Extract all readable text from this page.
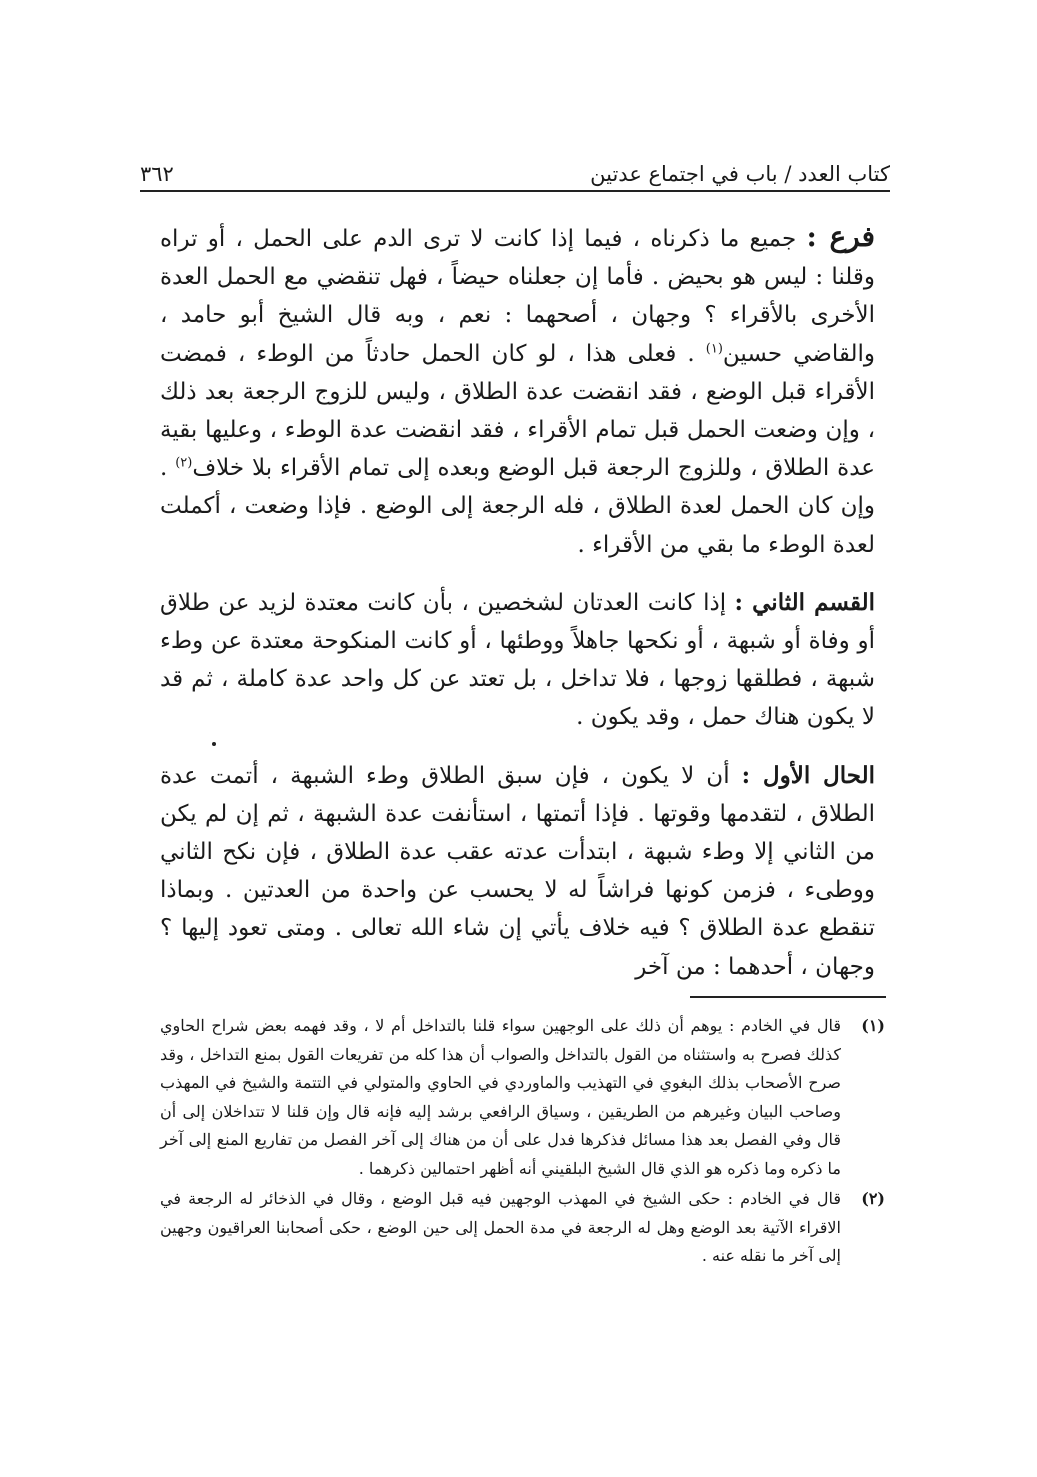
كتاب العدد / باب في اجتماع عدتين
٣٦٢

فرع : جميع ما ذكرناه ، فيما إذا كانت لا ترى الدم على الحمل ، أو تراه وقلنا : ليس هو بحيض . فأما إن جعلناه حيضاً ، فهل تنقضي مع الحمل العدة الأخرى بالأقراء ؟ وجهان ، أصحهما : نعم ، وبه قال الشيخ أبو حامد ، والقاضي حسين$^{(١)}$ . فعلى هذا ، لو كان الحمل حادثاً من الوطء ، فمضت الأقراء قبل الوضع ، فقد انقضت عدة الطلاق ، وليس للزوج الرجعة بعد ذلك ، وإن وضعت الحمل قبل تمام الأقراء ، فقد انقضت عدة الوطء ، وعليها بقية عدة الطلاق ، وللزوج الرجعة قبل الوضع وبعده إلى تمام الأقراء بلا خلاف$^{(٢)}$ . وإن كان الحمل لعدة الطلاق ، فله الرجعة إلى الوضع . فإذا وضعت ، أكملت لعدة الوطء ما بقي من الأقراء .

القسم الثاني : إذا كانت العدتان لشخصين ، بأن كانت معتدة لزيد عن طلاق أو وفاة أو شبهة ، أو نكحها جاهلاً ووطئها ، أو كانت المنكوحة معتدة عن وطء شبهة ، فطلقها زوجها ، فلا تداخل ، بل تعتد عن كل واحد عدة كاملة ، ثم قد لا يكون هناك حمل ، وقد يكون .

الحال الأول : أن لا يكون ، فإن سبق الطلاق وطء الشبهة ، أتمت عدة الطلاق ، لتقدمها وقوتها . فإذا أتمتها ، استأنفت عدة الشبهة ، ثم إن لم يكن من الثاني إلا وطء شبهة ، ابتدأت عدته عقب عدة الطلاق ، فإن نكح الثاني ووطىء ، فزمن كونها فراشاً له لا يحسب عن واحدة من العدتين . وبماذا تنقطع عدة الطلاق ؟ فيه خلاف يأتي إن شاء الله تعالى . ومتى تعود إليها ؟ وجهان ، أحدهما : من آخر

(١)
قال في الخادم : يوهم أن ذلك على الوجهين سواء قلنا بالتداخل أم لا ، وقد فهمه بعض شراح الحاوي كذلك فصرح به واستثناه من القول بالتداخل والصواب أن هذا كله من تفريعات القول بمنع التداخل ، وقد صرح الأصحاب بذلك البغوي في التهذيب والماوردي في الحاوي والمتولي في التتمة والشيخ في المهذب وصاحب البيان وغيرهم من الطريقين ، وسياق الرافعي برشد إليه فإنه قال وإن قلنا لا تتداخلان إلى أن قال وفي الفصل بعد هذا مسائل فذكرها فدل على أن من هناك إلى آخر الفصل من تفاريع المنع إلى آخر ما ذكره وما ذكره هو الذي قال الشيخ البلقيني أنه أظهر احتمالين ذكرهما .
(٢)
قال في الخادم : حكى الشيخ في المهذب الوجهين فيه قبل الوضع ، وقال في الذخائر له الرجعة في الاقراء الآتية بعد الوضع وهل له الرجعة في مدة الحمل إلى حين الوضع ، حكى أصحابنا العراقيون وجهين إلى آخر ما نقله عنه .
